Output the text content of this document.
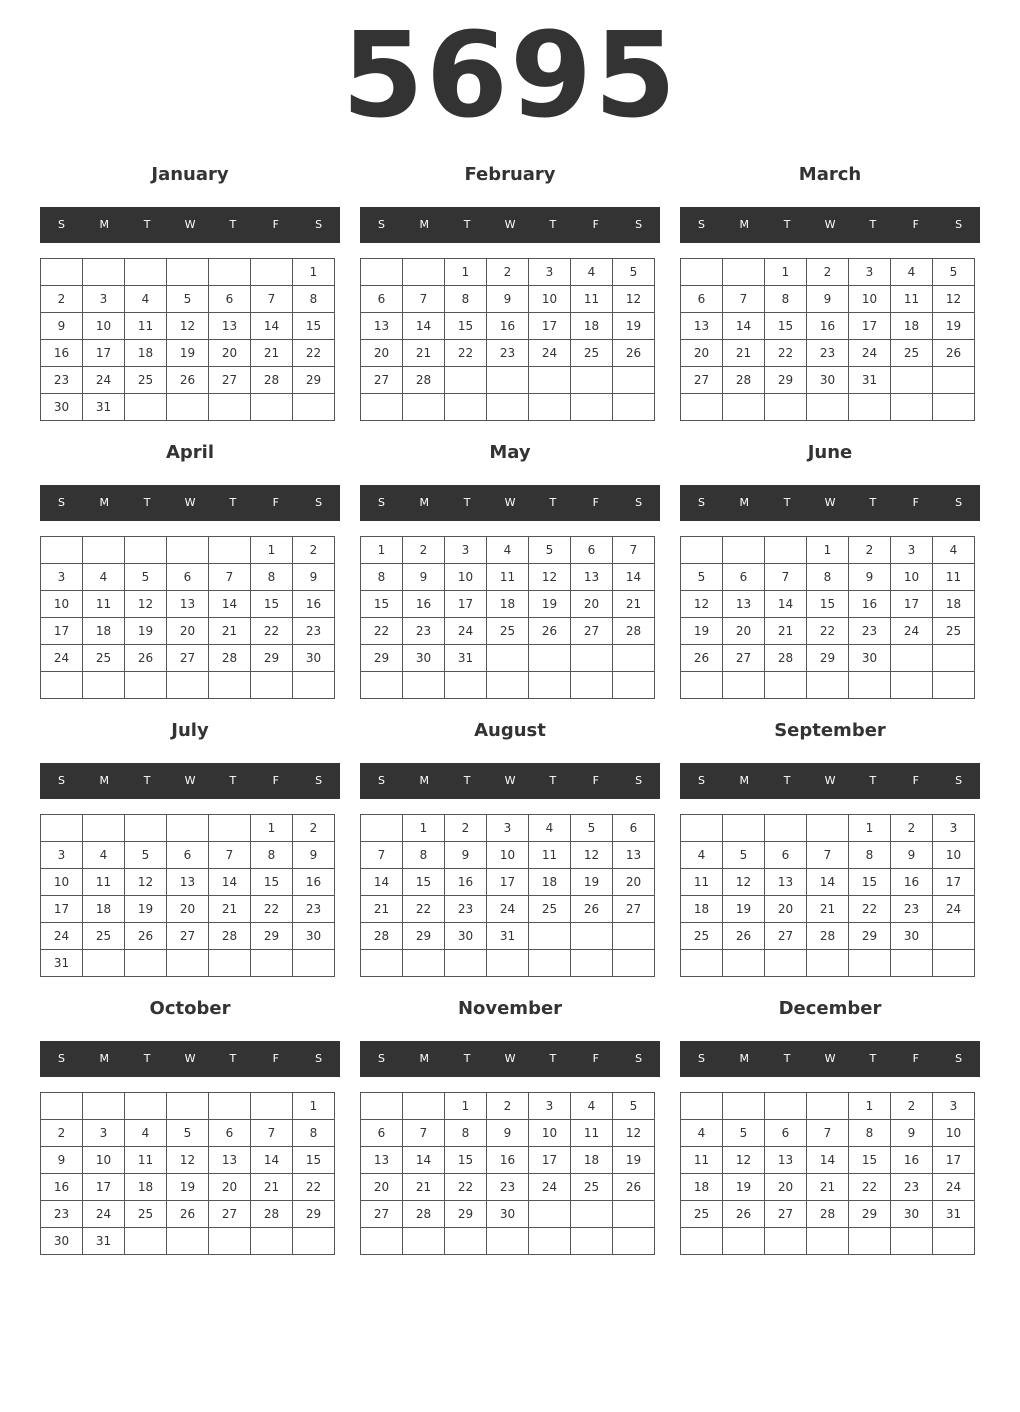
5695
January
S	M	T	W	T	F	S
						1
2	3	4	5	6	7	8
9	10	11	12	13	14	15
16	17	18	19	20	21	22
23	24	25	26	27	28	29
30	31					
February
S	M	T	W	T	F	S
		1	2	3	4	5
6	7	8	9	10	11	12
13	14	15	16	17	18	19
20	21	22	23	24	25	26
27	28					

March
S	M	T	W	T	F	S
		1	2	3	4	5
6	7	8	9	10	11	12
13	14	15	16	17	18	19
20	21	22	23	24	25	26
27	28	29	30	31		

April
S	M	T	W	T	F	S
					1	2
3	4	5	6	7	8	9
10	11	12	13	14	15	16
17	18	19	20	21	22	23
24	25	26	27	28	29	30

May
S	M	T	W	T	F	S
1	2	3	4	5	6	7
8	9	10	11	12	13	14
15	16	17	18	19	20	21
22	23	24	25	26	27	28
29	30	31				

June
S	M	T	W	T	F	S
			1	2	3	4
5	6	7	8	9	10	11
12	13	14	15	16	17	18
19	20	21	22	23	24	25
26	27	28	29	30		

July
S	M	T	W	T	F	S
					1	2
3	4	5	6	7	8	9
10	11	12	13	14	15	16
17	18	19	20	21	22	23
24	25	26	27	28	29	30
31						
August
S	M	T	W	T	F	S
	1	2	3	4	5	6
7	8	9	10	11	12	13
14	15	16	17	18	19	20
21	22	23	24	25	26	27
28	29	30	31			

September
S	M	T	W	T	F	S
				1	2	3
4	5	6	7	8	9	10
11	12	13	14	15	16	17
18	19	20	21	22	23	24
25	26	27	28	29	30	

October
S	M	T	W	T	F	S
						1
2	3	4	5	6	7	8
9	10	11	12	13	14	15
16	17	18	19	20	21	22
23	24	25	26	27	28	29
30	31					
November
S	M	T	W	T	F	S
		1	2	3	4	5
6	7	8	9	10	11	12
13	14	15	16	17	18	19
20	21	22	23	24	25	26
27	28	29	30			

December
S	M	T	W	T	F	S
				1	2	3
4	5	6	7	8	9	10
11	12	13	14	15	16	17
18	19	20	21	22	23	24
25	26	27	28	29	30	31
